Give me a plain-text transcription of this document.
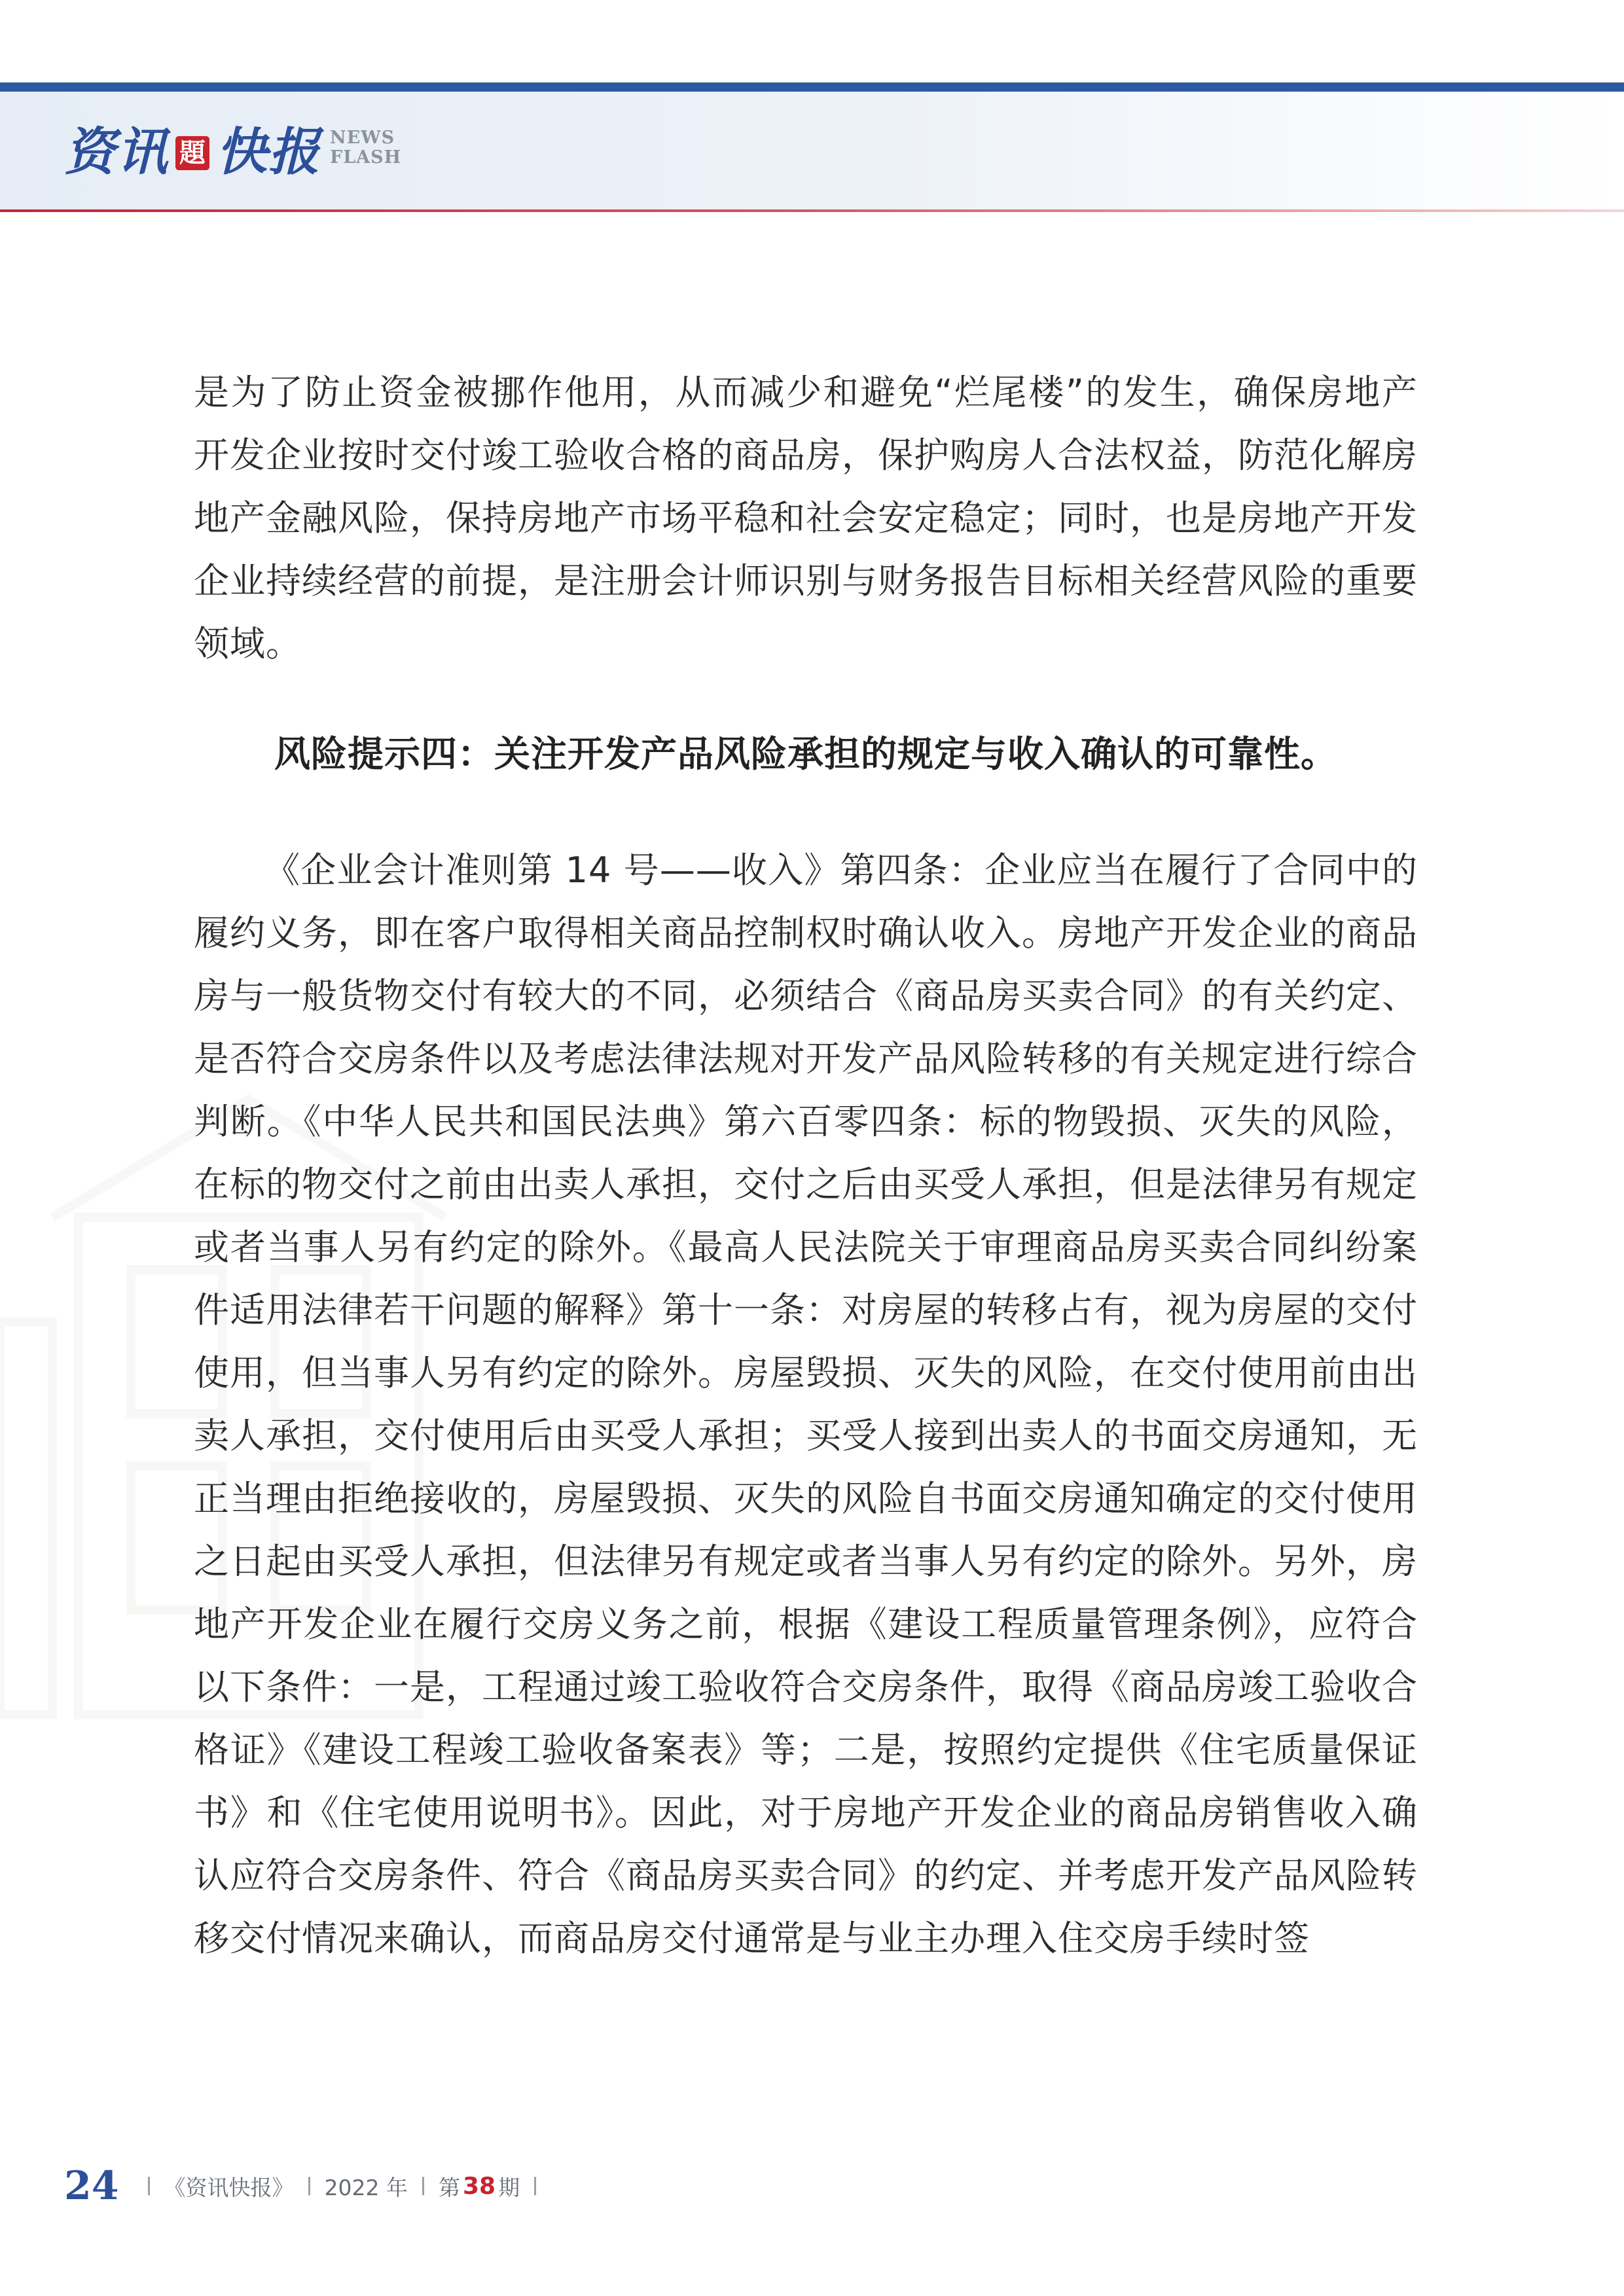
资讯 題 快报 NEWS
FLASH

是为了防止资金被挪作他用，从而减少和避免“烂尾楼”的发生，确保房地产开发企业按时交付竣工验收合格的商品房，保护购房人合法权益，防范化解房地产金融风险，保持房地产市场平稳和社会安定稳定；同时，也是房地产开发企业持续经营的前提，是注册会计师识别与财务报告目标相关经营风险的重要领域。

风险提示四：关注开发产品风险承担的规定与收入确认的可靠性。

《企业会计准则第 14 号——收入》第四条：企业应当在履行了合同中的履约义务，即在客户取得相关商品控制权时确认收入。房地产开发企业的商品房与一般货物交付有较大的不同，必须结合《商品房买卖合同》的有关约定、是否符合交房条件以及考虑法律法规对开发产品风险转移的有关规定进行综合判断。《中华人民共和国民法典》第六百零四条：标的物毁损、灭失的风险，在标的物交付之前由出卖人承担，交付之后由买受人承担，但是法律另有规定或者当事人另有约定的除外。《最高人民法院关于审理商品房买卖合同纠纷案件适用法律若干问题的解释》第十一条：对房屋的转移占有，视为房屋的交付使用，但当事人另有约定的除外。房屋毁损、灭失的风险，在交付使用前由出卖人承担，交付使用后由买受人承担；买受人接到出卖人的书面交房通知，无正当理由拒绝接收的，房屋毁损、灭失的风险自书面交房通知确定的交付使用之日起由买受人承担，但法律另有规定或者当事人另有约定的除外。另外，房地产开发企业在履行交房义务之前，根据《建设工程质量管理条例》，应符合以下条件：一是，工程通过竣工验收符合交房条件，取得《商品房竣工验收合格证》《建设工程竣工验收备案表》等；二是，按照约定提供《住宅质量保证书》和《住宅使用说明书》。因此，对于房地产开发企业的商品房销售收入确认应符合交房条件、符合《商品房买卖合同》的约定、并考虑开发产品风险转移交付情况来确认，而商品房交付通常是与业主办理入住交房手续时签

24 《资讯快报》 2022 年 第 38 期
